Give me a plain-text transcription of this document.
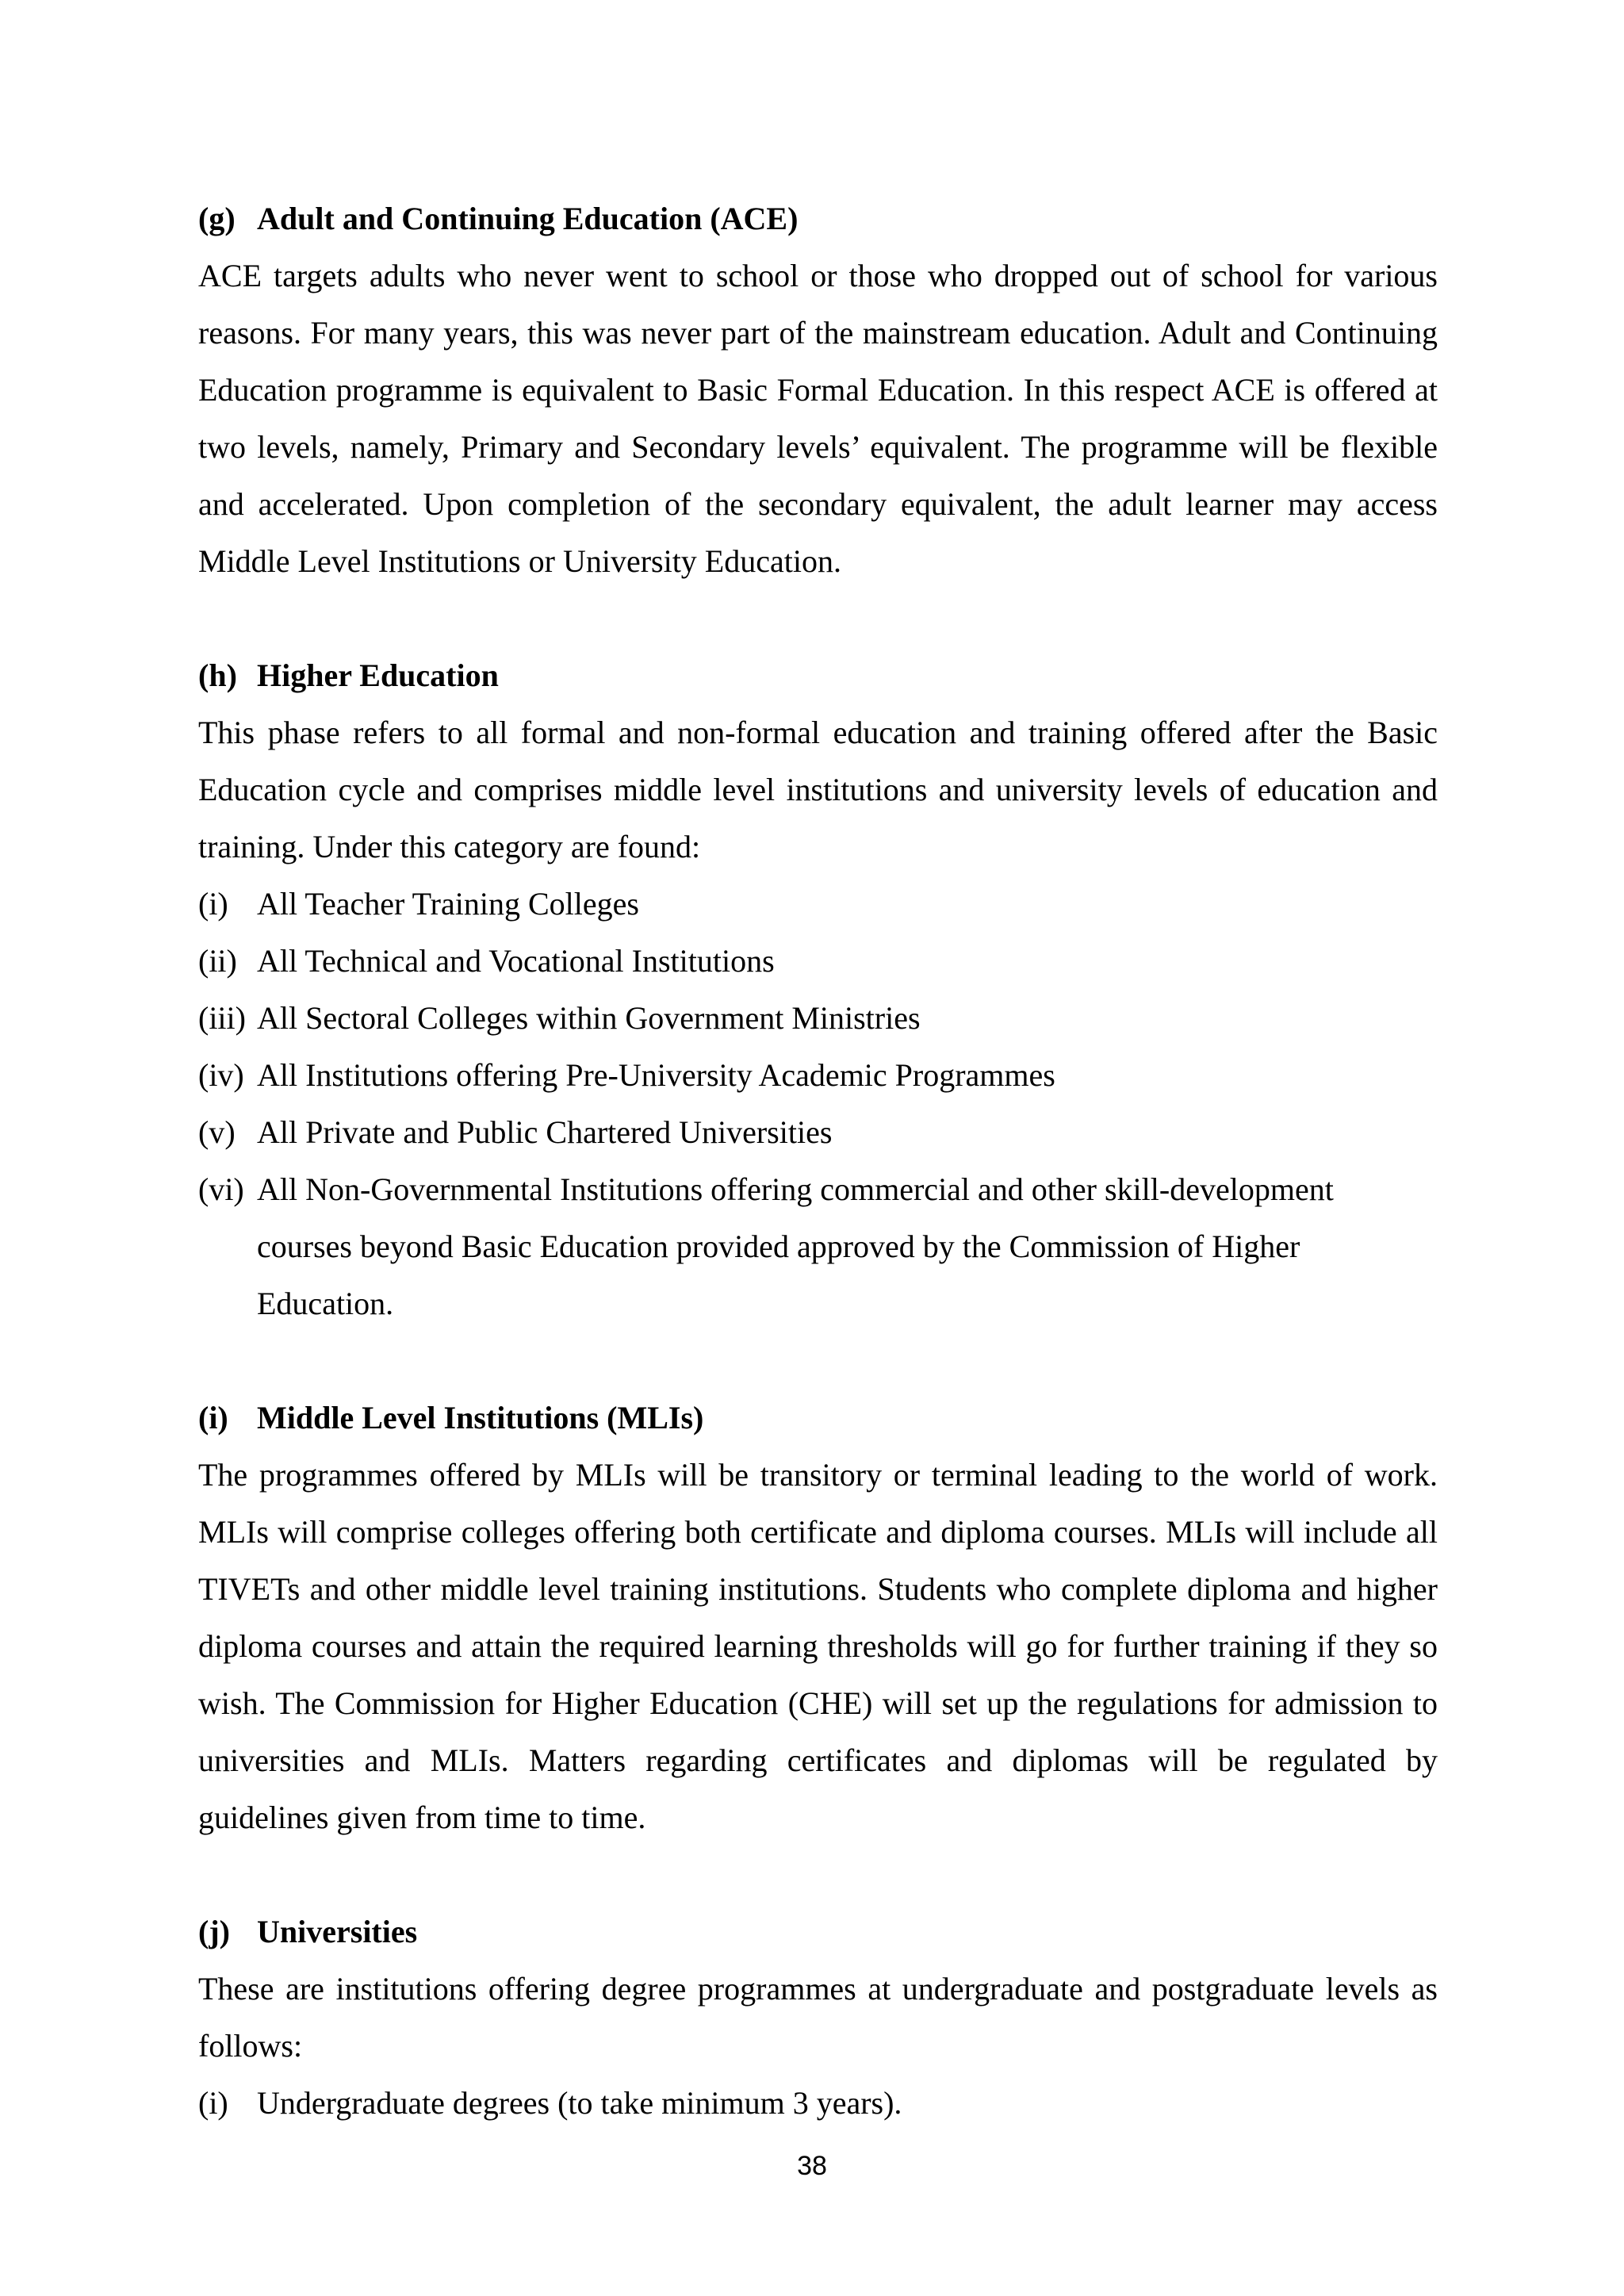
(g) Adult and Continuing Education (ACE)

ACE targets adults who never went to school or those who dropped out of school for various reasons. For many years, this was never part of the mainstream education. Adult and Continuing Education programme is equivalent to Basic Formal Education. In this respect ACE is offered at two levels, namely, Primary and Secondary levels’ equivalent. The programme will be flexible and accelerated. Upon completion of the secondary equivalent, the adult learner may access Middle Level Institutions or University Education.

(h) Higher Education

This phase refers to all formal and non-formal education and training offered after the Basic Education cycle and comprises middle level institutions and university levels of education and training. Under this category are found:

(i) All Teacher Training Colleges
(ii) All Technical and Vocational Institutions
(iii) All Sectoral Colleges within Government Ministries
(iv) All Institutions offering Pre-University Academic Programmes
(v) All Private and Public Chartered Universities
(vi) All Non-Governmental Institutions offering commercial and other skill-development
courses beyond Basic Education provided approved by the Commission of Higher Education.
(i) Middle Level Institutions (MLIs)

The programmes offered by MLIs will be transitory or terminal leading to the world of work. MLIs will comprise colleges offering both certificate and diploma courses. MLIs will include all TIVETs and other middle level training institutions. Students who complete diploma and higher diploma courses and attain the required learning thresholds will go for further training if they so wish. The Commission for Higher Education (CHE) will set up the regulations for admission to universities and MLIs. Matters regarding certificates and diplomas will be regulated by guidelines given from time to time.

(j) Universities

These are institutions offering degree programmes at undergraduate and postgraduate levels as follows:

(i) Undergraduate degrees (to take minimum 3 years).
38
